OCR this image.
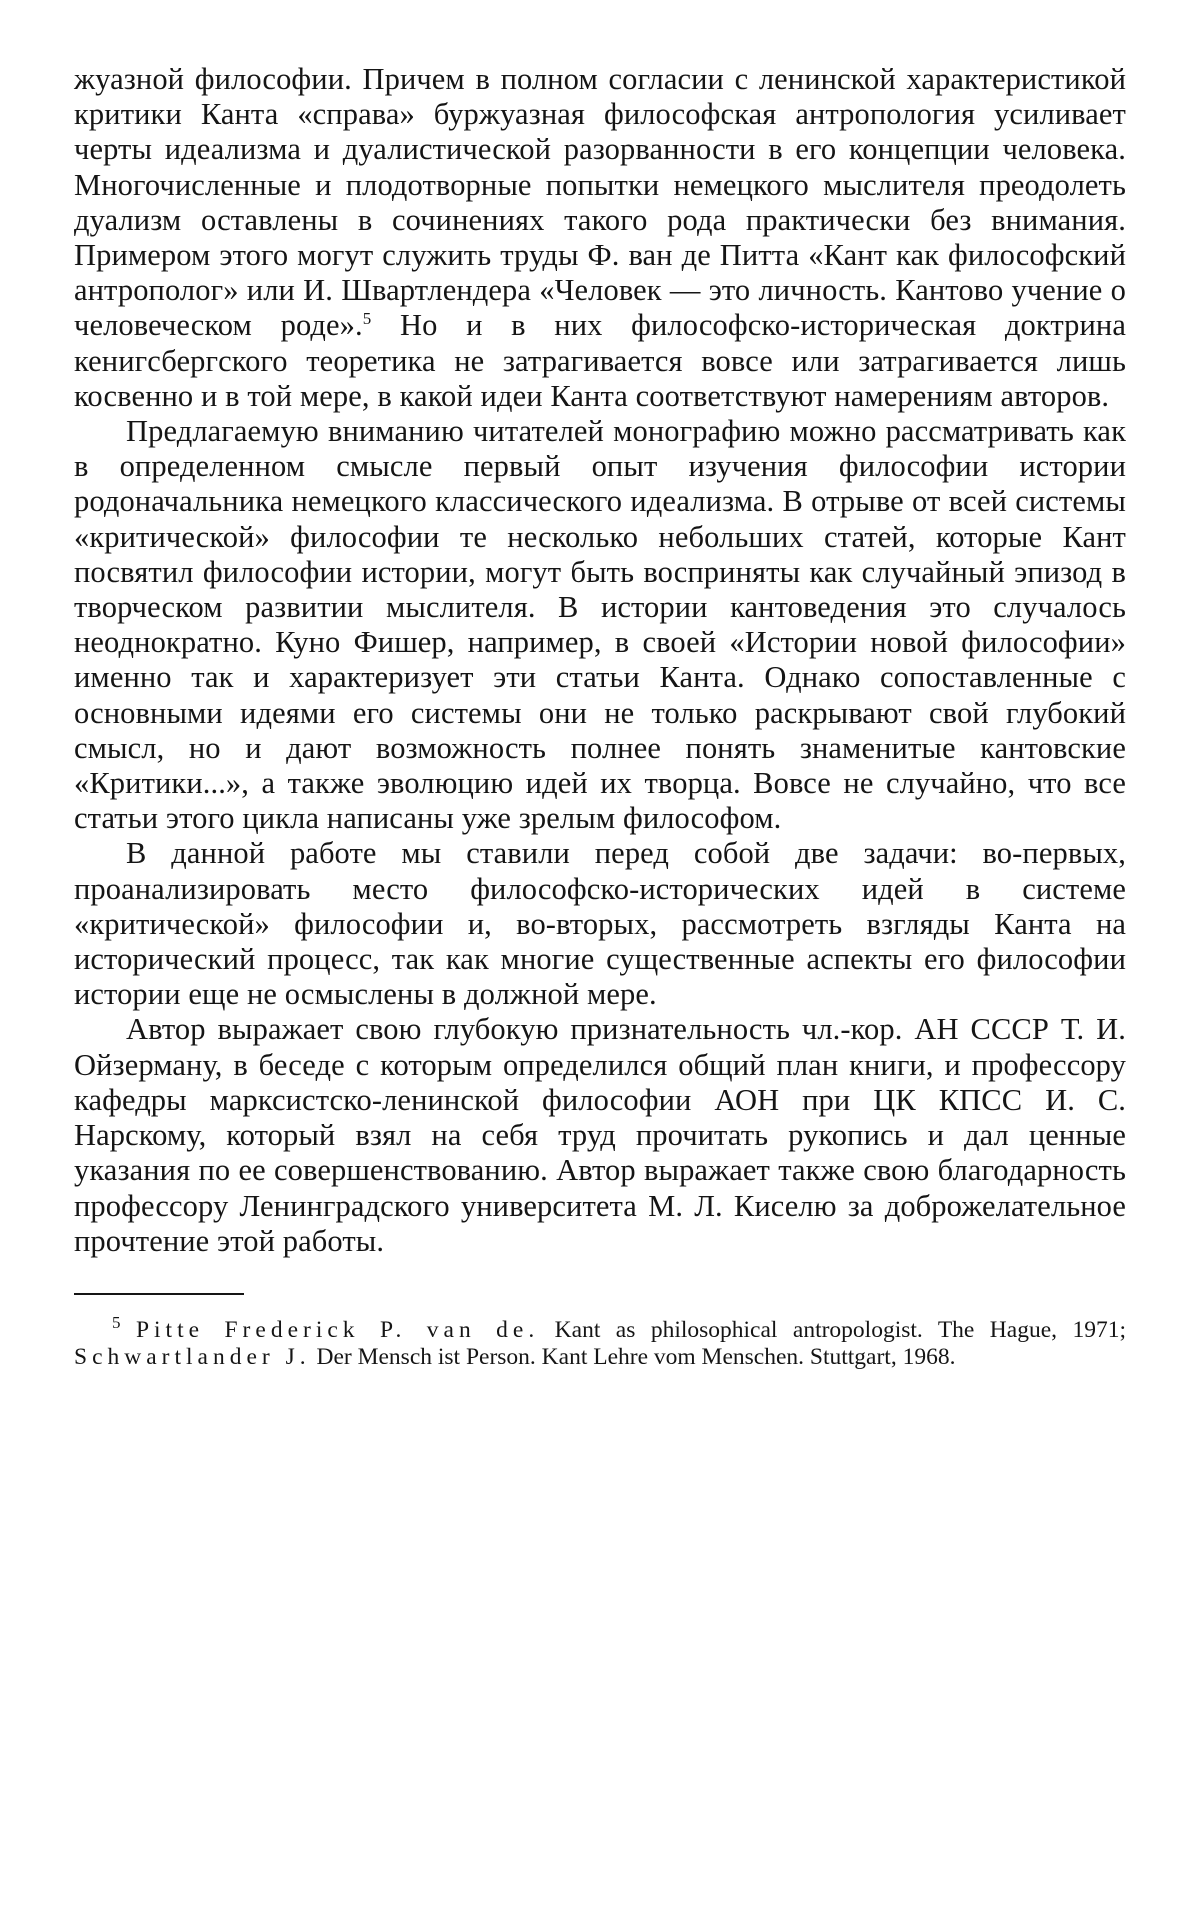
жуазной философии. Причем в полном согласии с ленинской характеристикой критики Канта «справа» буржуазная философская антропология усиливает черты идеализма и дуалистической разорванности в его концепции человека. Многочисленные и плодотворные попытки немецкого мыслителя преодолеть дуализм оставлены в сочинениях такого рода практически без внимания. Примером этого могут служить труды Ф. ван де Питта «Кант как философский антрополог» или И. Швартлендера «Человек — это личность. Кантово учение о человеческом роде».$^5$ Но и в них философско-историческая доктрина кенигсбергского теоретика не затрагивается вовсе или затрагивается лишь косвенно и в той мере, в какой идеи Канта соответствуют намерениям авторов.

Предлагаемую вниманию читателей монографию можно рассматривать как в определенном смысле первый опыт изучения философии истории родоначальника немецкого классического идеализма. В отрыве от всей системы «критической» философии те несколько небольших статей, которые Кант посвятил философии истории, могут быть восприняты как случайный эпизод в творческом развитии мыслителя. В истории кантоведения это случалось неоднократно. Куно Фишер, например, в своей «Истории новой философии» именно так и характеризует эти статьи Канта. Однако сопоставленные с основными идеями его системы они не только раскрывают свой глубокий смысл, но и дают возможность полнее понять знаменитые кантовские «Критики...», а также эволюцию идей их творца. Вовсе не случайно, что все статьи этого цикла написаны уже зрелым философом.

В данной работе мы ставили перед собой две задачи: во-первых, проанализировать место философско-исторических идей в системе «критической» философии и, во-вторых, рассмотреть взгляды Канта на исторический процесс, так как многие существенные аспекты его философии истории еще не осмыслены в должной мере.

Автор выражает свою глубокую признательность чл.-кор. АН СССР Т. И. Ойзерману, в беседе с которым определился общий план книги, и профессору кафедры марксистско-ленинской философии АОН при ЦК КПСС И. С. Нарскому, который взял на себя труд прочитать рукопись и дал ценные указания по ее совершенствованию. Автор выражает также свою благодарность профессору Ленинградского университета М. Л. Киселю за доброжелательное прочтение этой работы.

$^5$ Pitte Frederick P. van de. Kant as philosophical antropologist. The Hague, 1971; Schwartlander J. Der Mensch ist Person. Kant Lehre vom Menschen. Stuttgart, 1968.
